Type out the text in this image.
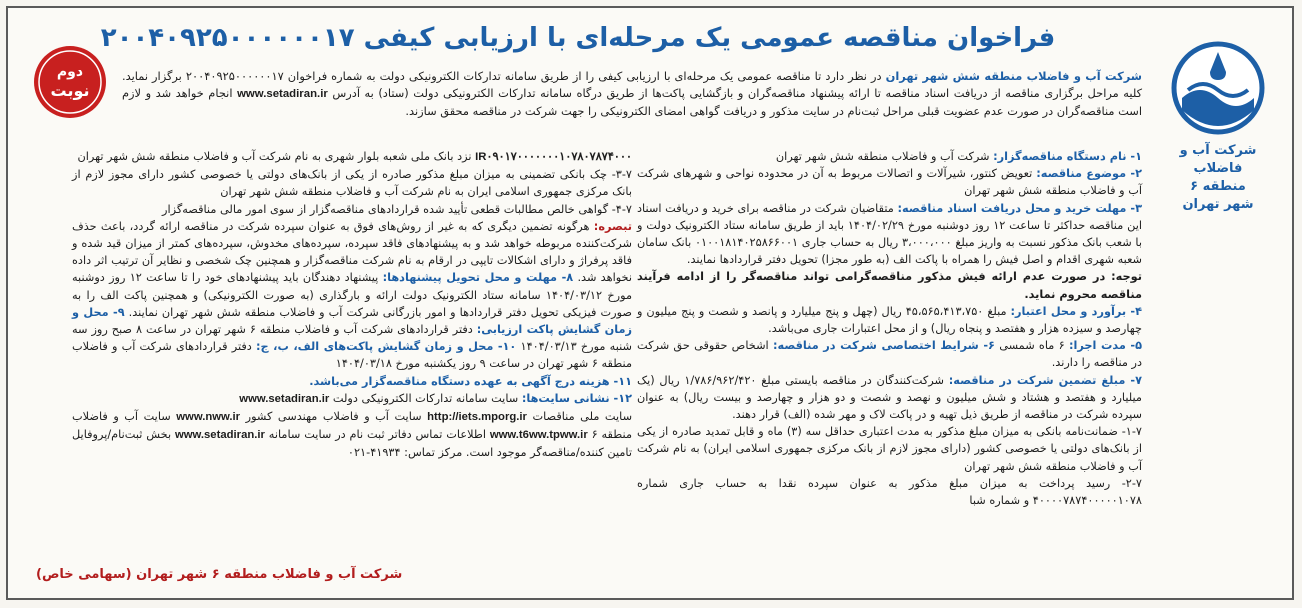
فراخوان مناقصه عمومی یک مرحله‌ای با ارزیابی کیفی ۲۰۰۴۰۹۲۵۰۰۰۰۰۰۱۷
دوم
نوبت
شرکت آب و فاضلاب
منطقه ۶
شهر تهران
شرکت آب و فاضلاب منطقه شش شهر تهران در نظر دارد تا مناقصه عمومی یک مرحله‌ای با ارزیابی کیفی را از طریق سامانه تدارکات الکترونیکی دولت به شماره فراخوان ۲۰۰۴۰۹۲۵۰۰۰۰۰۰۱۷ برگزار نماید. کلیه مراحل برگزاری مناقصه از دریافت اسناد مناقصه تا ارائه پیشنهاد مناقصه‌گران و بازگشایی پاکت‌ها از طریق درگاه سامانه تدارکات الکترونیکی دولت (ستاد) به آدرس www.setadiran.ir انجام خواهد شد و لازم است مناقصه‌گران در صورت عدم عضویت قبلی مراحل ثبت‌نام در سایت مذکور و دریافت گواهی امضای الکترونیکی را جهت شرکت در مناقصه محقق سازند.

۱- نام دستگاه مناقصه‌گزار: شرکت آب و فاضلاب منطقه شش شهر تهران

۲- موضوع مناقصه: تعویض کنتور، شیرآلات و اتصالات مربوط به آن در محدوده نواحی و شهرهای شرکت آب و فاضلاب منطقه شش شهر تهران

۳- مهلت خرید و محل دریافت اسناد مناقصه: متقاضیان شرکت در مناقصه برای خرید و دریافت اسناد این مناقصه حداکثر تا ساعت ۱۲ روز دوشنبه مورخ ۱۴۰۴/۰۲/۲۹ باید از طریق سامانه ستاد الکترونیک دولت و با شعب بانک مذکور نسبت به واریز مبلغ ۳،۰۰۰،۰۰۰ ریال به حساب جاری ۰۱۰۰۱۸۱۴۰۲۵۸۶۶۰۰۱ بانک سامان شعبه شهری اقدام و اصل فیش را همراه با پاکت الف (به طور مجزا) تحویل دفتر قرارداد‌ها نمایند.

توجه: در صورت عدم ارائه فیش مذکور مناقصه‌گرامی تواند مناقصه‌گر را از ادامه فرآیند مناقصه محروم نماید.

۴- برآورد و محل اعتبار: مبلغ ۴۵،۵۶۵،۴۱۳،۷۵۰ ریال (چهل و پنج میلیارد و پانصد و شصت و پنج میلیون و چهارصد و سیزده هزار و هفتصد و پنجاه ریال) و از محل اعتبارات جاری می‌باشد.

۵- مدت اجرا: ۶ ماه شمسی ۶- شرایط اختصاصی شرکت در مناقصه: اشخاص حقوقی حق شرکت در مناقصه را دارند.

۷- مبلغ تضمین شرکت در مناقصه: شرکت‌کنندگان در مناقصه بایستی مبلغ ۱/۷۸۶/۹۶۲/۴۲۰ ریال (یک میلیارد و هفتصد و هشتاد و شش میلیون و نهصد و شصت و دو هزار و چهارصد و بیست ریال) به عنوان سپرده شرکت در مناقصه از طریق ذیل تهیه و در پاکت لاک و مهر شده (الف) قرار دهند.

۱-۷- ضمانت‌نامه بانکی به میزان مبلغ مذکور به مدت اعتباری حداقل سه (۳) ماه و قابل تمدید صادره از یکی از بانک‌های دولتی یا خصوصی کشور (دارای مجوز لازم از بانک مرکزی جمهوری اسلامی ایران) به نام شرکت آب و فاضلاب منطقه شش شهر تهران

۲-۷- رسید پرداخت به میزان مبلغ مذکور به عنوان سپرده نقدا به حساب جاری شماره ۴۰۰۰۰۷۸۷۴۰۰۰۰۰۱۰۷۸ و شماره شبا

IR۰۹۰۱۷۰۰۰۰۰۰۰۱۰۷۸۰۷۸۷۴۰۰۰ نزد بانک ملی شعبه بلوار شهری به نام شرکت آب و فاضلاب منطقه شش شهر تهران

۳-۷- چک بانکی تضمینی به میزان مبلغ مذکور صادره از یکی از بانک‌های دولتی یا خصوصی کشور دارای مجوز لازم از بانک مرکزی جمهوری اسلامی ایران به نام شرکت آب و فاضلاب منطقه شش شهر تهران

۴-۷- گواهی خالص مطالبات قطعی تأیید شده قرارداد‌های مناقصه‌گزار از سوی امور مالی مناقصه‌گزار

تبصره: هرگونه تضمین دیگری که به غیر از روش‌های فوق به عنوان سپرده شرکت در مناقصه ارائه گردد، باعث حذف شرکت‌کننده مربوطه خواهد شد و به پیشنهادهای فاقد سپرده، سپرده‌های مخدوش، سپرده‌های کمتر از میزان قید شده و فاقد پرفراژ و دارای اشکالات تایپی در ارقام به نام شرکت مناقصه‌گزار و همچنین چک شخصی و نظایر آن ترتیب اثر داده نخواهد شد. ۸- مهلت و محل تحویل پیشنهادها: پیشنهاد دهندگان باید پیشنهادهای خود را تا ساعت ۱۲ روز دوشنبه مورخ ۱۴۰۴/۰۳/۱۲ سامانه ستاد الکترونیک دولت ارائه و بارگذاری (به صورت الکترونیکی) و همچنین پاکت الف را به صورت فیزیکی تحویل دفتر قرارداد‌ها و امور بازرگانی شرکت آب و فاضلاب منطقه شش شهر تهران نمایند. ۹- محل و زمان گشایش پاکت ارزیابی: دفتر قرارداد‌های شرکت آب و فاضلاب منطقه ۶ شهر تهران در ساعت ۸ صبح روز سه شنبه مورخ ۱۴۰۴/۰۳/۱۳ ۱۰- محل و زمان گشایش پاکت‌های الف، ب، ج: دفتر قرارداد‌های شرکت آب و فاضلاب منطقه ۶ شهر تهران در ساعت ۹ روز یکشنبه مورخ ۱۴۰۴/۰۳/۱۸

۱۱- هزینه درج آگهی به عهده دستگاه مناقصه‌گزار می‌باشد.

۱۲- نشانی سایت‌ها: سایت سامانه تدارکات الکترونیکی دولت www.setadiran.ir

سایت ملی مناقصات http://iets.mporg.ir سایت آب و فاضلاب مهندسی کشور www.nww.ir سایت آب و فاضلاب منطقه ۶ www.t6ww.tpww.ir اطلاعات تماس دفاتر ثبت نام در سایت سامانه www.setadiran.ir بخش ثبت‌نام/پروفایل تامین کننده/مناقصه‌گر موجود است. مرکز تماس: ۴۱۹۳۴-۰۲۱

شرکت آب و فاضلاب منطقه ۶ شهر تهران (سهامی خاص)
